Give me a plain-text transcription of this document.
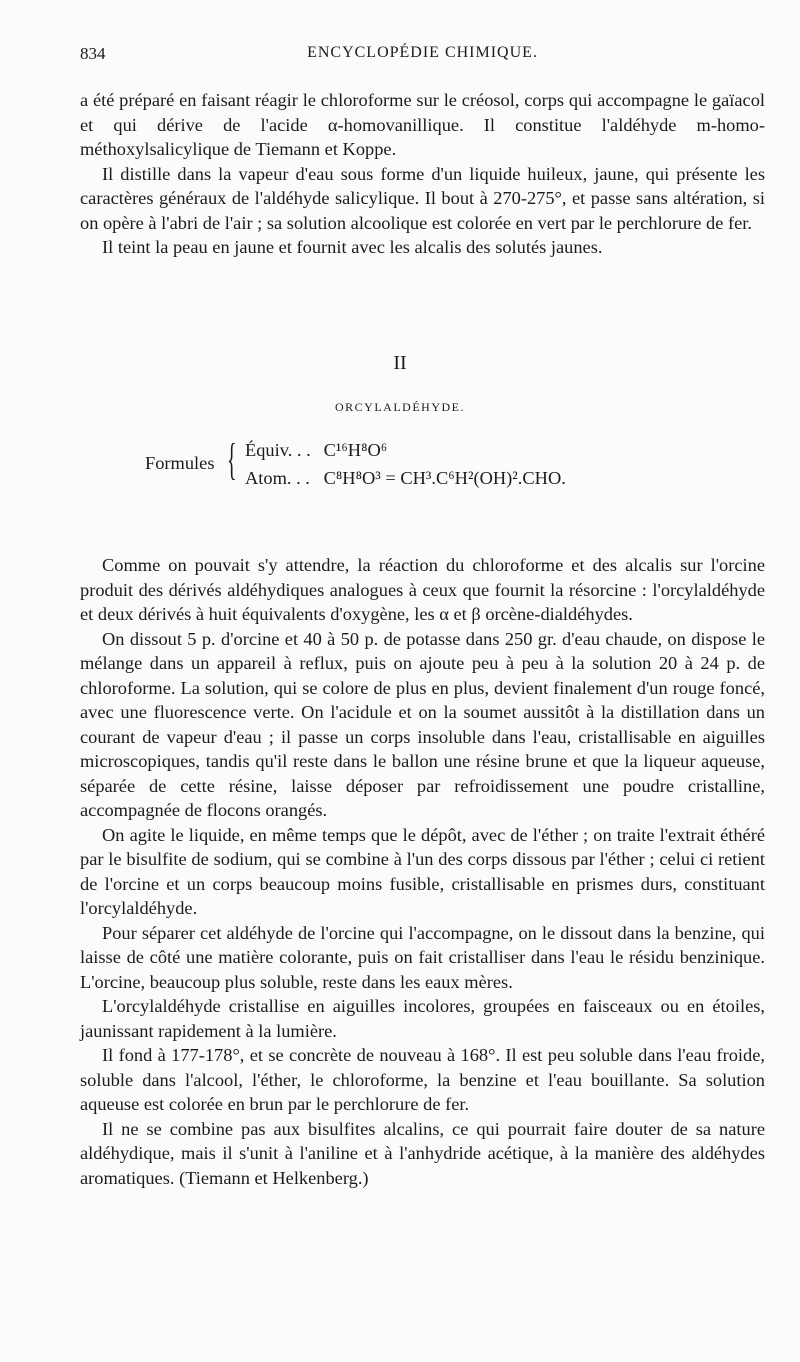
834	ENCYCLOPÉDIE CHIMIQUE.

a été préparé en faisant réagir le chloroforme sur le créosol, corps qui accompagne le gaïacol et qui dérive de l'acide α-homovanillique. Il constitue l'aldéhyde m-homo-méthoxylsalicylique de Tiemann et Koppe.

Il distille dans la vapeur d'eau sous forme d'un liquide huileux, jaune, qui présente les caractères généraux de l'aldéhyde salicylique. Il bout à 270-275°, et passe sans altération, si on opère à l'abri de l'air ; sa solution alcoolique est colorée en vert par le perchlorure de fer.

Il teint la peau en jaune et fournit avec les alcalis des solutés jaunes.

II
ORCYLALDÉHYDE.
Formules { Équiv. . . C¹⁶H⁸O⁶
Atom. . . C⁸H⁸O³ = CH³.C⁶H²(OH)².CHO.

Comme on pouvait s'y attendre, la réaction du chloroforme et des alcalis sur l'orcine produit des dérivés aldéhydiques analogues à ceux que fournit la résorcine : l'orcylaldéhyde et deux dérivés à huit équivalents d'oxygène, les α et β orcène-dialdéhydes.

On dissout 5 p. d'orcine et 40 à 50 p. de potasse dans 250 gr. d'eau chaude, on dispose le mélange dans un appareil à reflux, puis on ajoute peu à peu à la solution 20 à 24 p. de chloroforme. La solution, qui se colore de plus en plus, devient finalement d'un rouge foncé, avec une fluorescence verte. On l'acidule et on la soumet aussitôt à la distillation dans un courant de vapeur d'eau ; il passe un corps insoluble dans l'eau, cristallisable en aiguilles microscopiques, tandis qu'il reste dans le ballon une résine brune et que la liqueur aqueuse, séparée de cette résine, laisse déposer par refroidissement une poudre cristalline, accompagnée de flocons orangés.

On agite le liquide, en même temps que le dépôt, avec de l'éther ; on traite l'extrait éthéré par le bisulfite de sodium, qui se combine à l'un des corps dissous par l'éther ; celui ci retient de l'orcine et un corps beaucoup moins fusible, cristallisable en prismes durs, constituant l'orcylaldéhyde.

Pour séparer cet aldéhyde de l'orcine qui l'accompagne, on le dissout dans la benzine, qui laisse de côté une matière colorante, puis on fait cristalliser dans l'eau le résidu benzinique. L'orcine, beaucoup plus soluble, reste dans les eaux mères.

L'orcylaldéhyde cristallise en aiguilles incolores, groupées en faisceaux ou en étoiles, jaunissant rapidement à la lumière.

Il fond à 177-178°, et se concrète de nouveau à 168°. Il est peu soluble dans l'eau froide, soluble dans l'alcool, l'éther, le chloroforme, la benzine et l'eau bouillante. Sa solution aqueuse est colorée en brun par le perchlorure de fer.

Il ne se combine pas aux bisulfites alcalins, ce qui pourrait faire douter de sa nature aldéhydique, mais il s'unit à l'aniline et à l'anhydride acétique, à la manière des aldéhydes aromatiques. (Tiemann et Helkenberg.)
